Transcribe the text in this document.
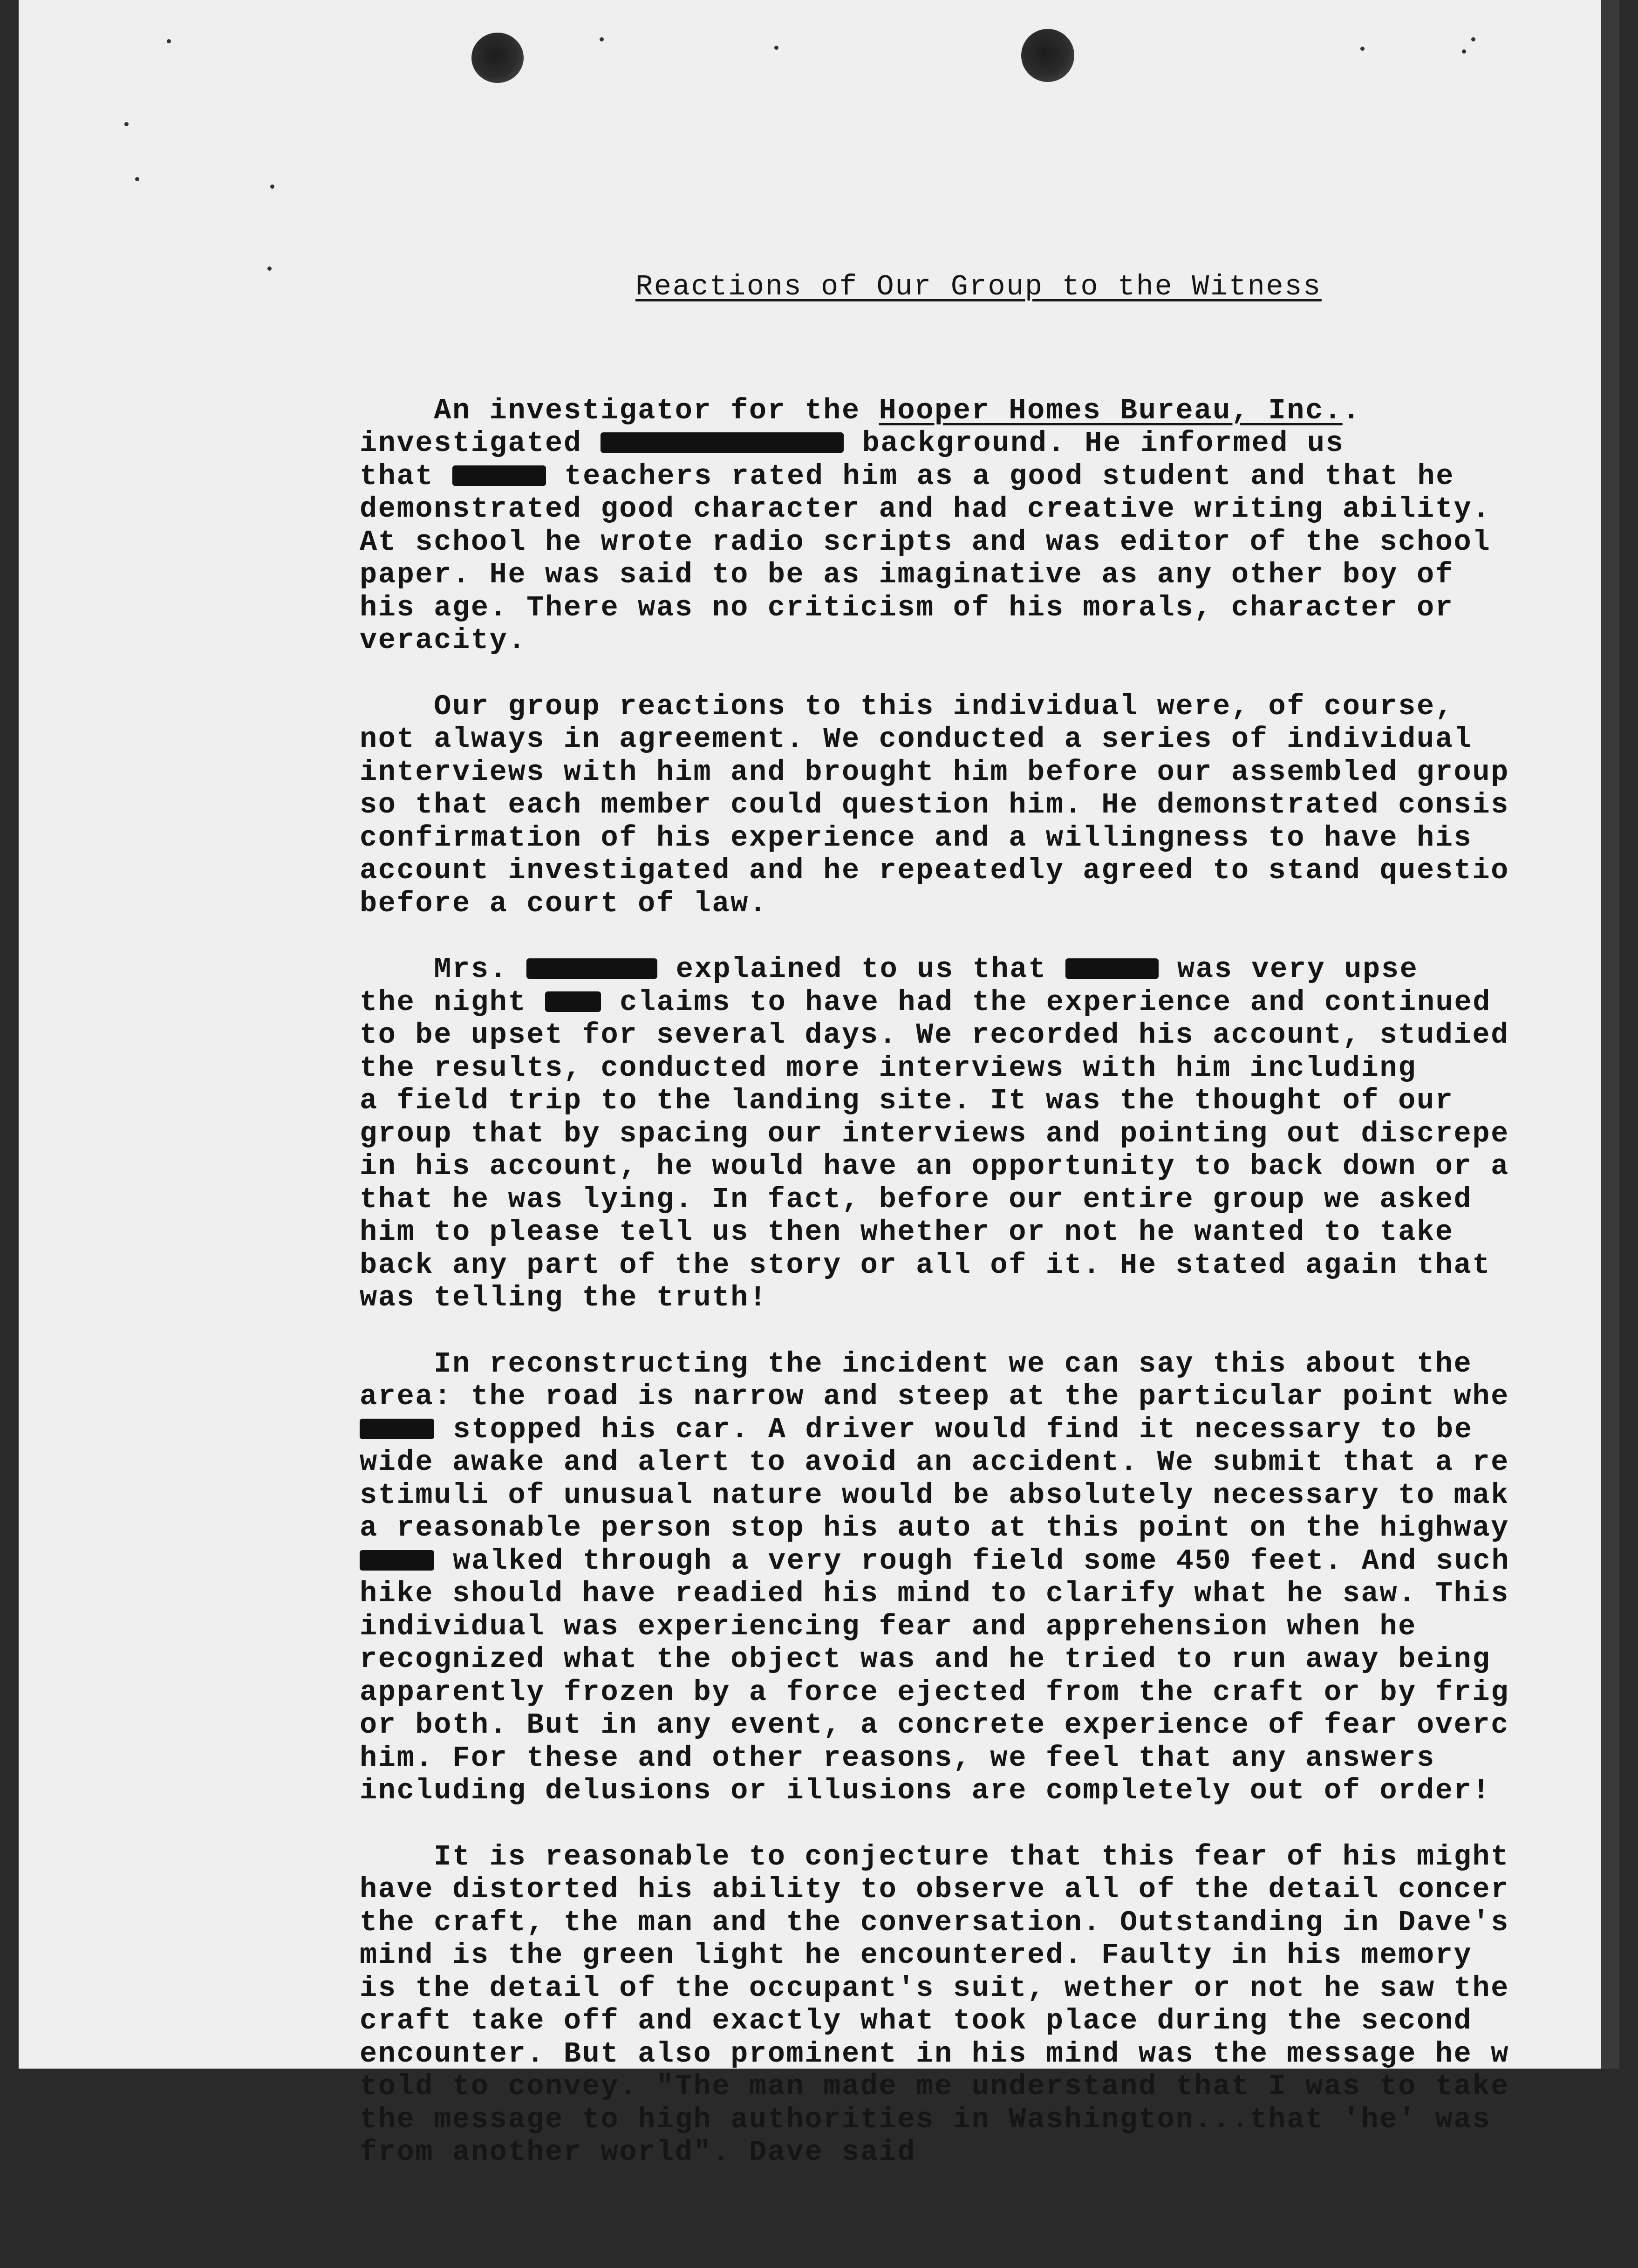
Reactions of Our Group to the Witness

An investigator for the Hooper Homes Bureau, Inc..
investigated	background. He informed us
that	teachers rated him as a good student and that he
demonstrated good character and had creative writing ability.
At school he wrote radio scripts and was editor of the school
paper. He was said to be as imaginative as any other boy of
his age. There was no criticism of his morals, character or
veracity.
Our group reactions to this individual were, of course,
not always in agreement. We conducted a series of individual
interviews with him and brought him before our assembled group
so that each member could question him. He demonstrated consis
confirmation of his experience and a willingness to have his
account investigated and he repeatedly agreed to stand questio
before a court of law.
Mrs.	explained to us that	was very upse
the night  claims to have had the experience and continued
to be upset for several days. We recorded his account, studied
the results, conducted more interviews with him including
a field trip to the landing site. It was the thought of our
group that by spacing our interviews and pointing out discrepe
in his account, he would have an opportunity to back down or a
that he was lying. In fact, before our entire group we asked
him to please tell us then whether or not he wanted to take
back any part of the story or all of it. He stated again that
was telling the truth!
In reconstructing the incident we can say this about the
area: the road is narrow and steep at the particular point whe
stopped his car. A driver would find it necessary to be
wide awake and alert to avoid an accident. We submit that a re
stimuli of unusual nature would be absolutely necessary to mak
a reasonable person stop his auto at this point on the highway
walked through a very rough field some 450 feet. And such
hike should have readied his mind to clarify what he saw. This
individual was experiencing fear and apprehension when he
recognized what the object was and he tried to run away being
apparently frozen by a force ejected from the craft or by frig
or both. But in any event, a concrete experience of fear overc
him. For these and other reasons, we feel that any answers
including delusions or illusions are completely out of order!
It is reasonable to conjecture that this fear of his might
have distorted his ability to observe all of the detail concer
the craft, the man and the conversation. Outstanding in Dave's
mind is the green light he encountered. Faulty in his memory
is the detail of the occupant's suit, wether or not he saw the
craft take off and exactly what took place during the second
encounter. But also prominent in his mind was the message he w
told to convey. "The man made me understand that I was to take
the message to high authorities in Washington...that 'he' was
from another world". Dave said
